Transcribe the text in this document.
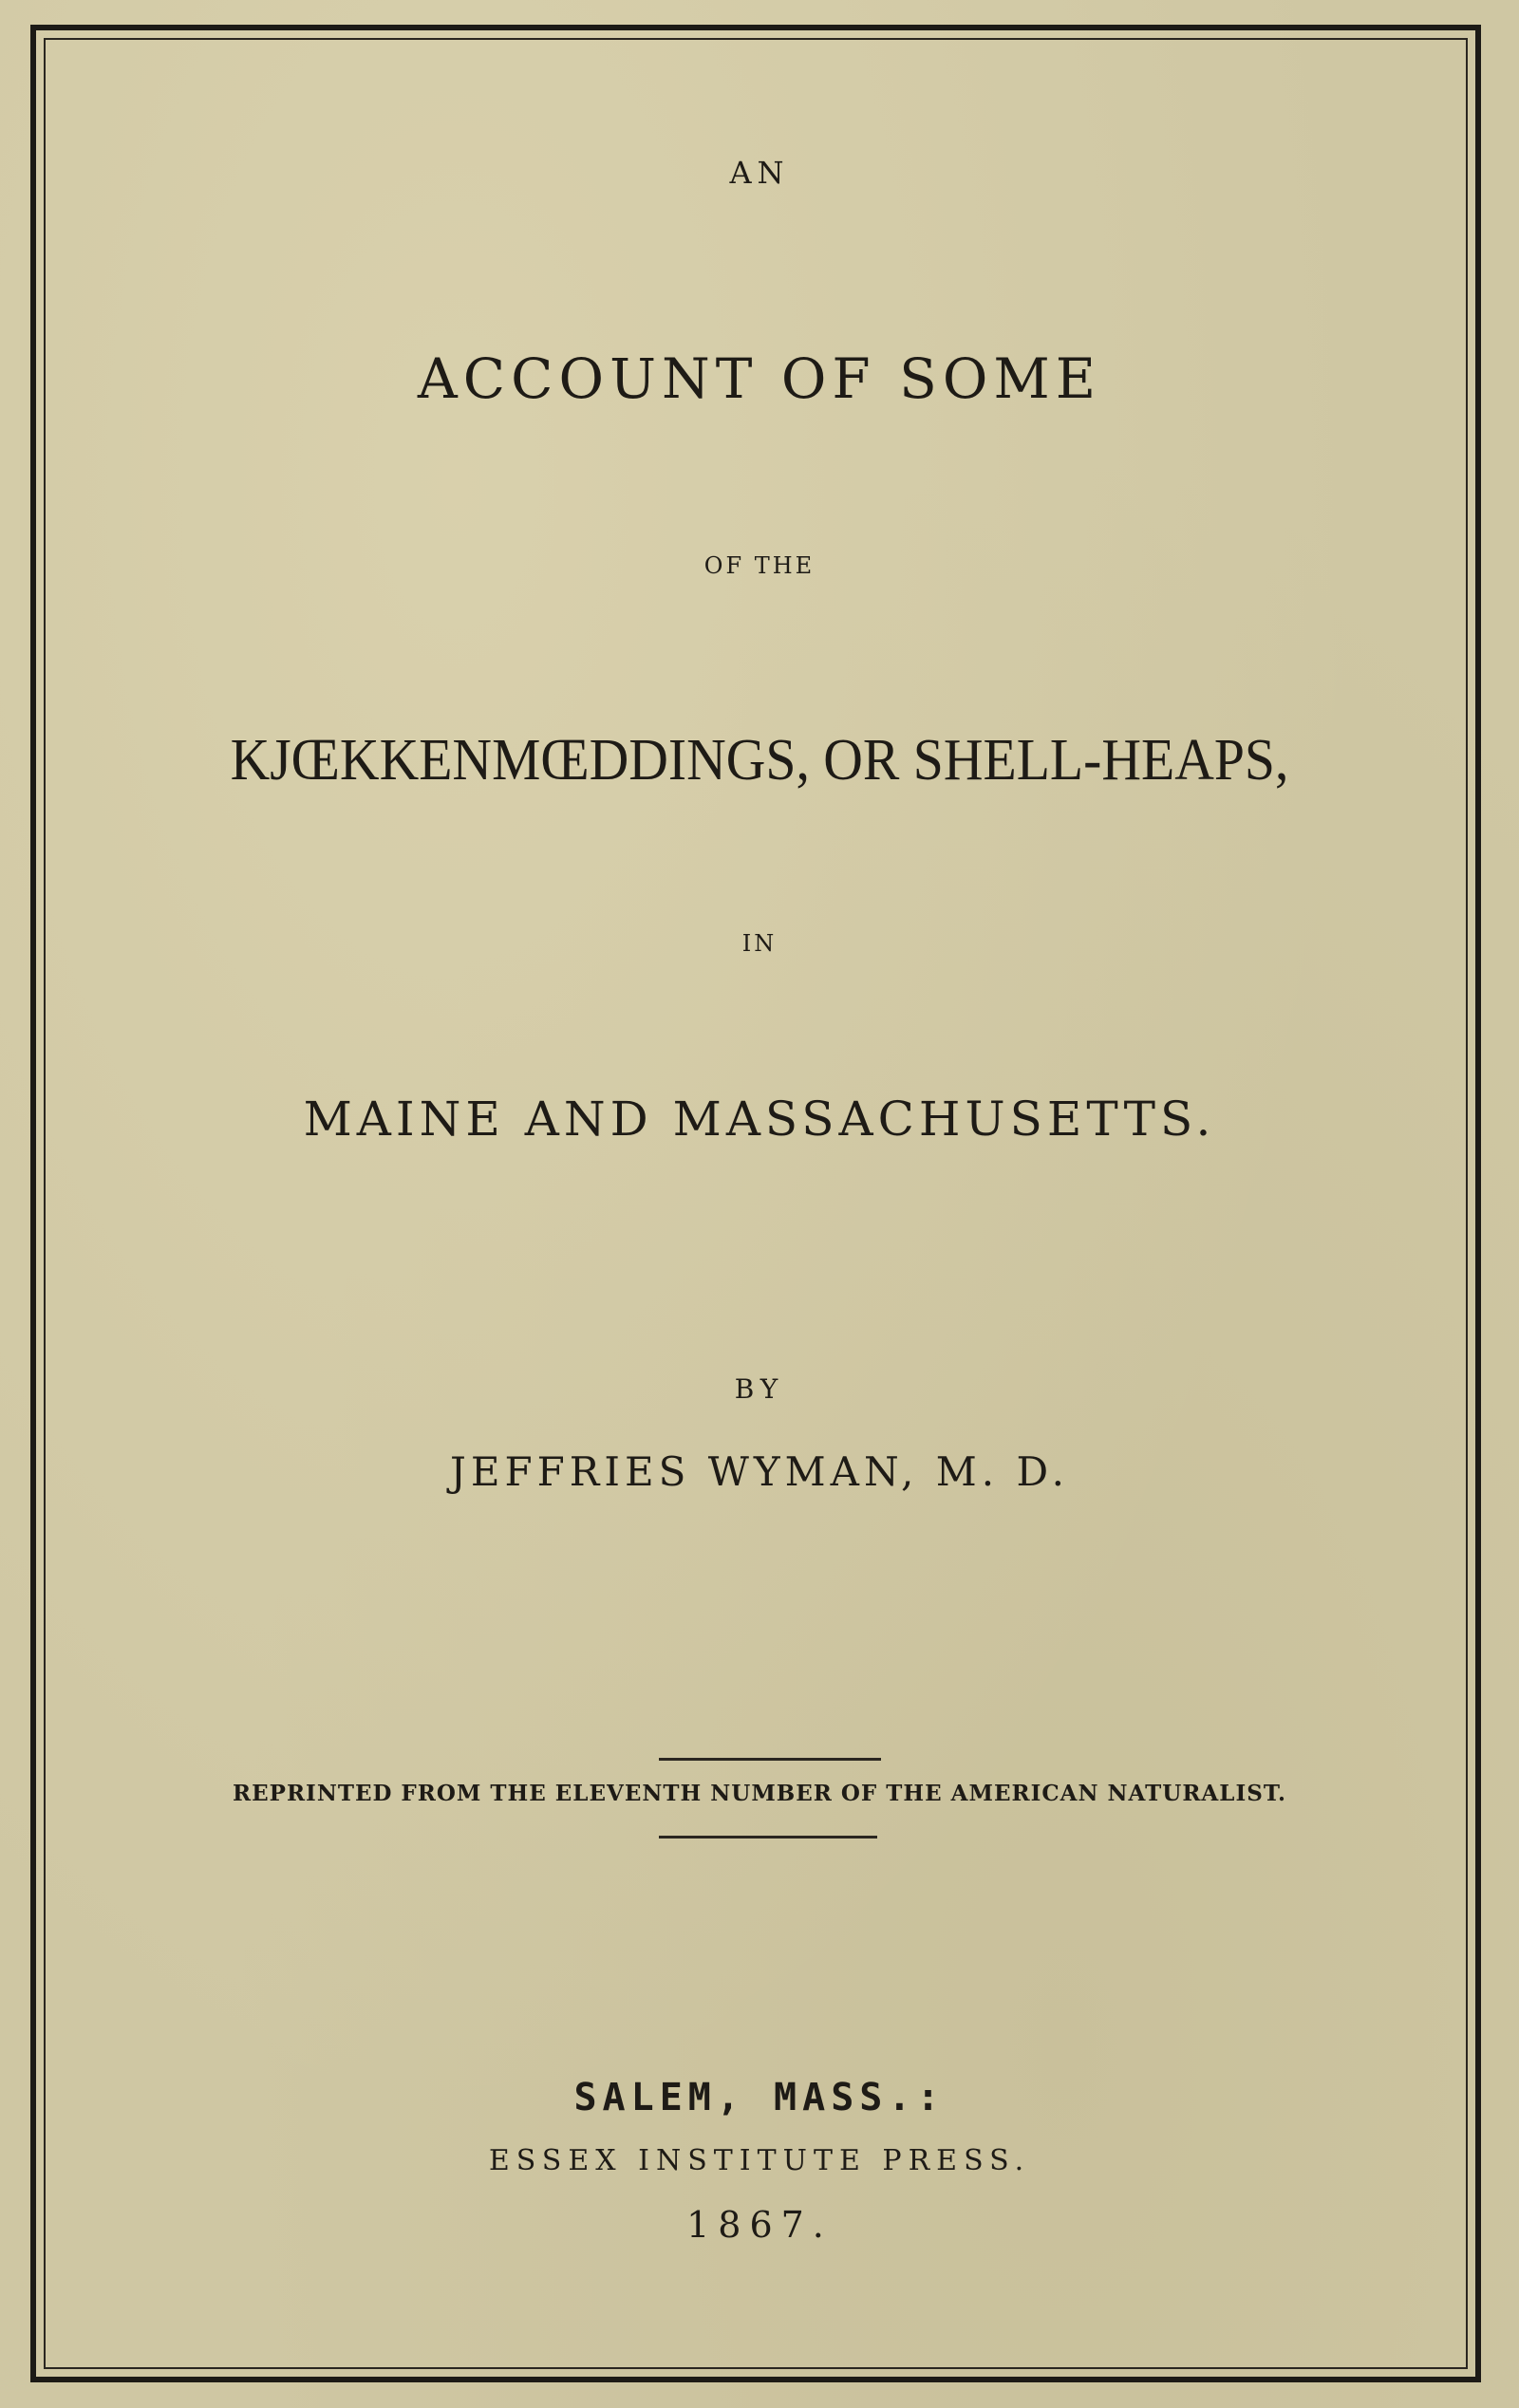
AN
ACCOUNT OF SOME
OF THE
KJŒKKENMŒDDINGS, OR SHELL-HEAPS,
IN
MAINE AND MASSACHUSETTS.
BY
JEFFRIES WYMAN, M. D.
REPRINTED FROM THE ELEVENTH NUMBER OF THE AMERICAN NATURALIST.
SALEM, MASS.:
ESSEX INSTITUTE PRESS.
1867.
